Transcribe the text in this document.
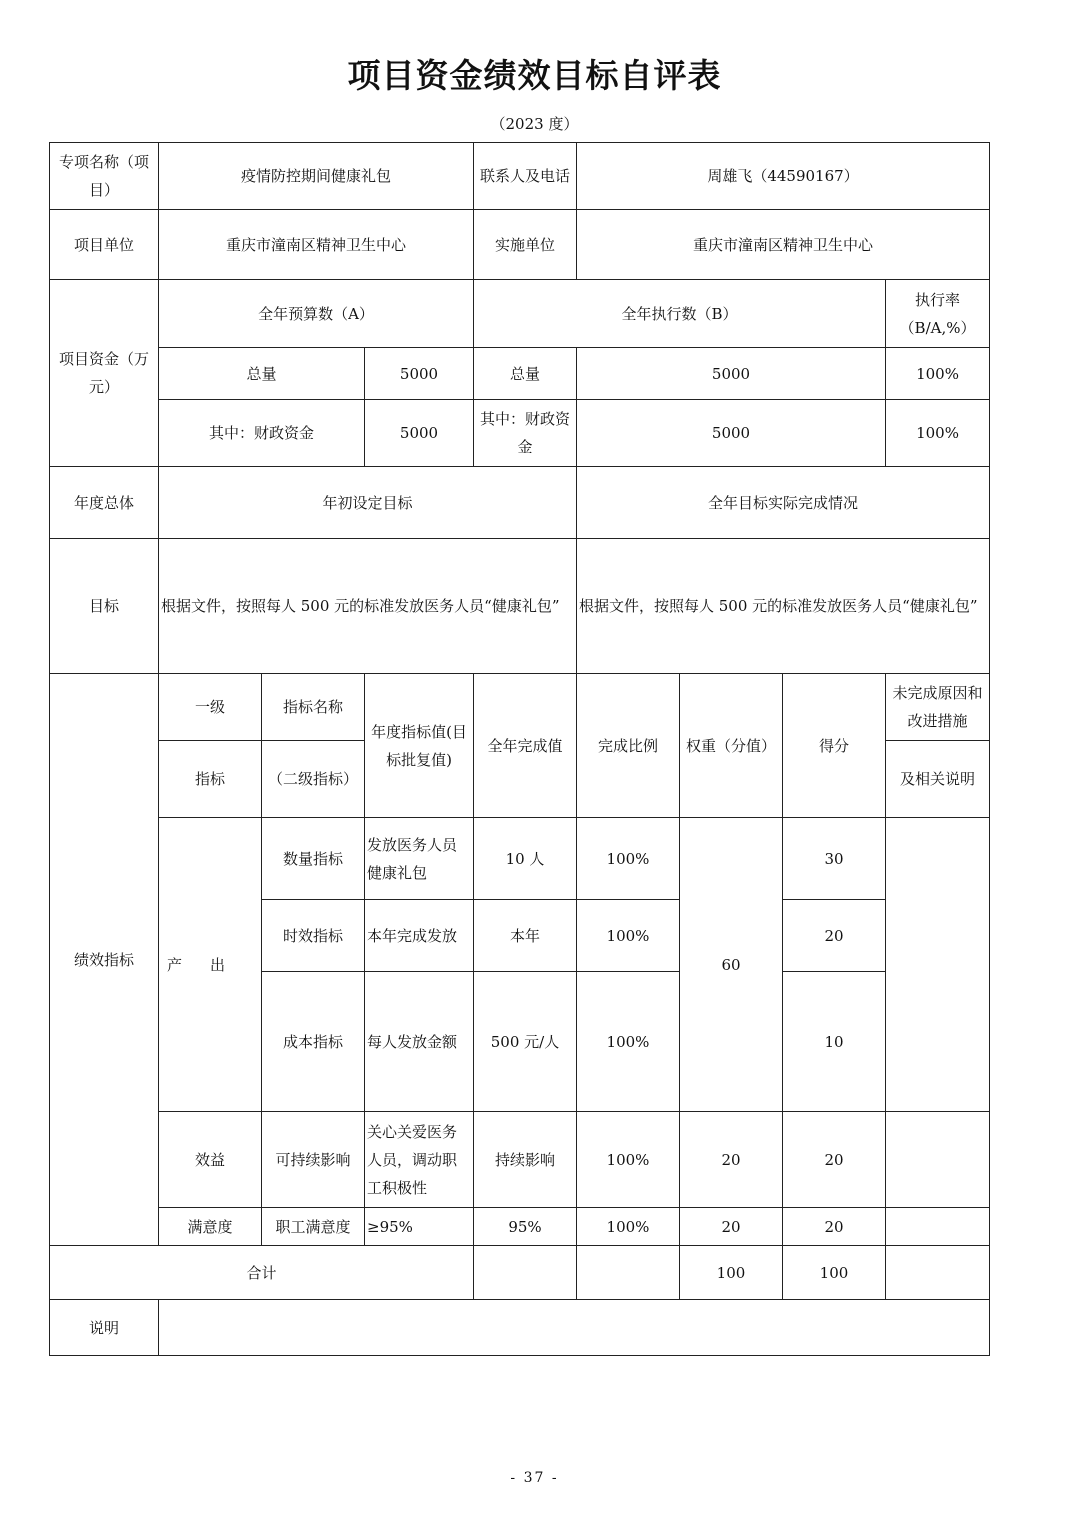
项目资金绩效目标自评表
（2023 度）
专项名称（项目）	疫情防控期间健康礼包			联系人及电话	周雄飞（44590167）			
项目单位	重庆市潼南区精神卫生中心			实施单位	重庆市潼南区精神卫生中心			
项目资金（万元）	全年预算数（A）			全年执行数（B）				执行率（B/A,%）
	总量		5000	总量	5000			100%
	其中：财政资金		5000	其中：财政资金	5000			100%
年度总体	年初设定目标				全年目标实际完成情况			
目标	根据文件，按照每人 500 元的标准发放医务人员“健康礼包”				根据文件，按照每人 500 元的标准发放医务人员“健康礼包”			
绩效指标	一级	指标名称	年度指标值(目标批复值)	全年完成值	完成比例	权重（分值）	得分	未完成原因和改进措施
	指标	（二级指标）						及相关说明
	产出	数量指标	发放医务人员健康礼包	10 人	100%	60	30	
		时效指标	本年完成发放	本年	100%		20	
		成本指标	每人发放金额	500 元/人	100%		10	
	效益	可持续影响	关心关爱医务人员，调动职工积极性	持续影响	100%	20	20	
	满意度	职工满意度	≥95%	95%	100%	20	20	
合计						100	100	
说明								
- 37 -
